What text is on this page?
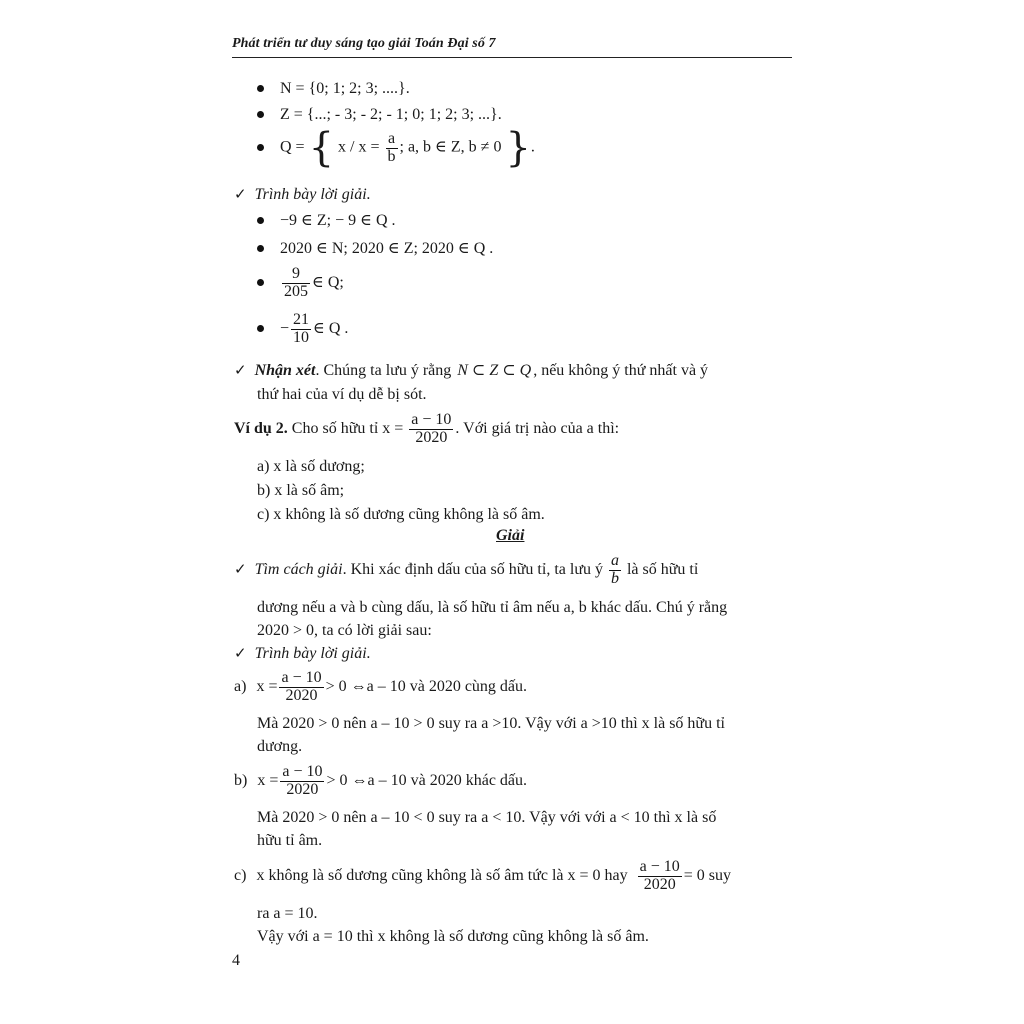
Phát triển tư duy sáng tạo giải Toán Đại số 7
N = {0; 1; 2; 3; ....}.
Z = {...; - 3; - 2; - 1; 0; 1; 2; 3; ...}.
Q = { $x / x = \frac{a}{b}$ ; a, b ∈ Z, b ≠ 0 }.
✓ Trình bày lời giải.
−9 ∈ Z; − 9 ∈ Q .
2020 ∈ N; 2020 ∈ Z; 2020 ∈ Q .
$\frac{9}{205}$ ∈ Q;
− $\frac{21}{10}$ ∈ Q .
✓ Nhận xét. Chúng ta lưu ý rằng N ⊂ Z ⊂ Q , nếu không ý thứ nhất và ý
thứ hai của ví dụ dễ bị sót.
Ví dụ 2. Cho số hữu tỉ $x = \frac{a - 10}{2020}$ . Với giá trị nào của a thì:
a) x là số dương;
b) x là số âm;
c) x không là số dương cũng không là số âm.
Giải
✓ Tìm cách giải. Khi xác định dấu của số hữu tỉ, ta lưu ý $\frac{a}{b}$ là số hữu tỉ
dương nếu a và b cùng dấu, là số hữu tỉ âm nếu a, b khác dấu. Chú ý rằng
2020 > 0, ta có lời giải sau:
✓ Trình bày lời giải.
a) $x = \frac{a - 10}{2020} > 0$ ⇔a – 10 và 2020 cùng dấu.
Mà 2020 > 0 nên a – 10 > 0 suy ra a >10. Vậy với a >10 thì x là số hữu tỉ
dương.
b) $x = \frac{a - 10}{2020} > 0$ ⇔a – 10 và 2020 khác dấu.
Mà 2020 > 0 nên a – 10 < 0 suy ra a < 10. Vậy với với a < 10 thì x là số
hữu tỉ âm.
c) x không là số dương cũng không là số âm tức là x = 0 hay $\frac{a - 10}{2020} = 0$ suy
ra a = 10.
Vậy với a = 10 thì x không là số dương cũng không là số âm.
4
